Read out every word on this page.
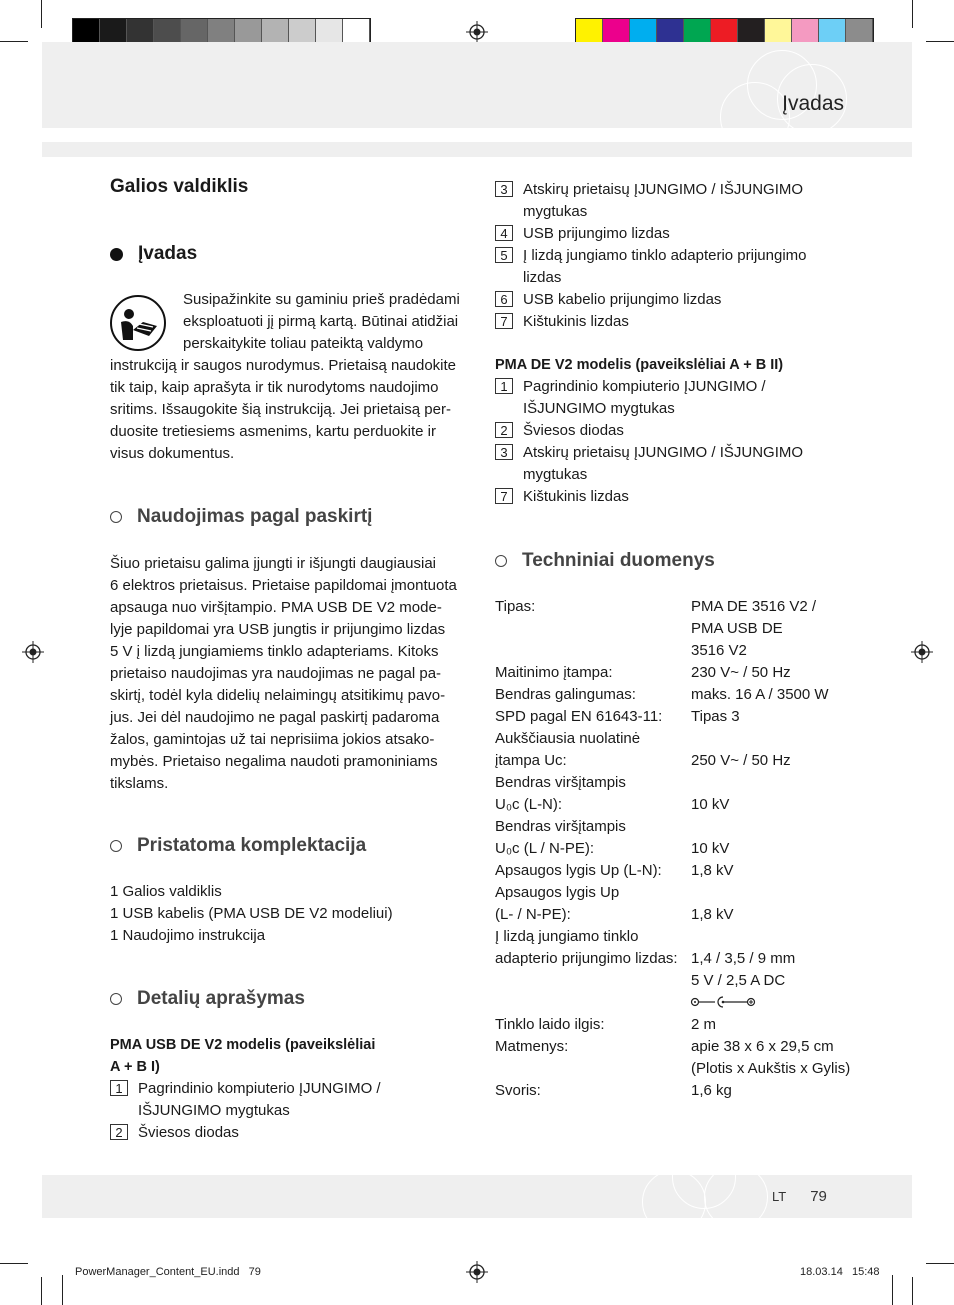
Įvadas
Galios valdiklis
Įvadas
Susipažinkite su gaminiu prieš pradėdami
eksploatuoti jį pirmą kartą. Būtinai atidžiai
perskaitykite toliau pateiktą valdymo
instrukciją ir saugos nurodymus. Prietaisą naudokite
tik taip, kaip aprašyta ir tik nurodytoms naudojimo
sritims. Išsaugokite šią instrukciją. Jei prietaisą per-
duosite tretiesiems asmenims, kartu perduokite ir
visus dokumentus.
Naudojimas pagal paskirtį
Šiuo prietaisu galima įjungti ir išjungti daugiausiai
6 elektros prietaisus. Prietaise papildomai įmontuota
apsauga nuo viršįtampio. PMA USB DE V2 mode-
lyje papildomai yra USB jungtis ir prijungimo lizdas
5 V į lizdą jungiamiems tinklo adapteriams. Kitoks
prietaiso naudojimas yra naudojimas ne pagal pa-
skirtį, todėl kyla didelių nelaimingų atsitikimų pavo-
jus. Jei dėl naudojimo ne pagal paskirtį padaroma
žalos, gamintojas už tai neprisiima jokios atsako-
mybės. Prietaiso negalima naudoti pramoniniams
tikslams.
Pristatoma komplektacija
1 Galios valdiklis
1 USB kabelis (PMA USB DE V2 modeliui)
1 Naudojimo instrukcija
Detalių aprašymas
PMA USB DE V2 modelis (paveikslėliai
A + B I)
1	Pagrindinio kompiuterio ĮJUNGIMO /
IŠJUNGIMO mygtukas
2	Šviesos diodas
3	Atskirų prietaisų ĮJUNGIMO / IŠJUNGIMO
mygtukas
4	USB prijungimo lizdas
5	Į lizdą jungiamo tinklo adapterio prijungimo
lizdas
6	USB kabelio prijungimo lizdas
7	Kištukinis lizdas
PMA DE V2 modelis (paveikslėliai A + B II)
1	Pagrindinio kompiuterio ĮJUNGIMO /
IŠJUNGIMO mygtukas
2	Šviesos diodas
3	Atskirų prietaisų ĮJUNGIMO / IŠJUNGIMO
mygtukas
7	Kištukinis lizdas
Techniniai duomenys
Tipas:	PMA DE 3516 V2 /
PMA USB DE
3516 V2
Maitinimo įtampa:	230 V~ / 50 Hz
Bendras galingumas:	maks. 16 A / 3500 W
SPD pagal EN 61643-11:	Tipas 3
Aukščiausia nuolatinė
įtampa Uᴄ:	250 V~ / 50 Hz
Bendras viršįtampis
U₀ᴄ (L-N):	10 kV
Bendras viršįtampis
U₀ᴄ (L / N-PE):	10 kV
Apsaugos lygis Up (L-N):	1,8 kV
Apsaugos lygis Up
(L- / N-PE):	1,8 kV
Į lizdą jungiamo tinklo
adapterio prijungimo lizdas: 1,4 / 3,5 / 9 mm
5 V / 2,5 A DC
Tinklo laido ilgis:	2 m
Matmenys:	apie 38 x 6 x 29,5 cm
(Plotis x Aukštis x Gylis)
Svoris:	1,6 kg
LT 79
PowerManager_Content_EU.indd   79	18.03.14   15:48
